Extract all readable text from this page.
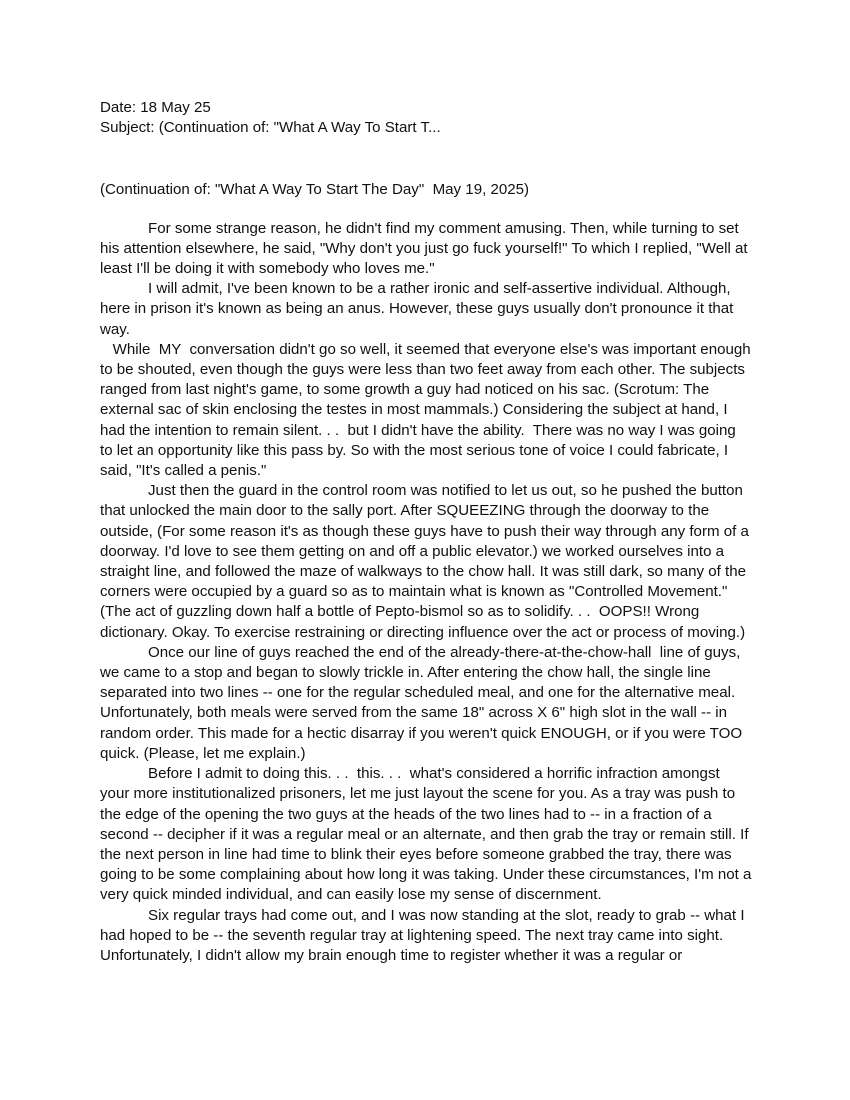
Date: 18 May 25

Subject: (Continuation of: "What A Way To Start T...

(Continuation of: "What A Way To Start The Day"  May 19, 2025)

For some strange reason, he didn't find my comment amusing. Then, while turning to set his attention elsewhere, he said, "Why don't you just go fuck yourself!" To which I replied, "Well at least I'll be doing it with somebody who loves me."

I will admit, I've been known to be a rather ironic and self-assertive individual. Although, here in prison it's known as being an anus. However, these guys usually don't pronounce it that way.

While  MY  conversation didn't go so well, it seemed that everyone else's was important enough to be shouted, even though the guys were less than two feet away from each other. The subjects ranged from last night's game, to some growth a guy had noticed on his sac. (Scrotum: The external sac of skin enclosing the testes in most mammals.) Considering the subject at hand, I had the intention to remain silent. . .  but I didn't have the ability.  There was no way I was going to let an opportunity like this pass by. So with the most serious tone of voice I could fabricate, I said, "It's called a penis."

Just then the guard in the control room was notified to let us out, so he pushed the button that unlocked the main door to the sally port. After SQUEEZING through the doorway to the outside, (For some reason it's as though these guys have to push their way through any form of a doorway. I'd love to see them getting on and off a public elevator.) we worked ourselves into a straight line, and followed the maze of walkways to the chow hall. It was still dark, so many of the corners were occupied by a guard so as to maintain what is known as "Controlled Movement." (The act of guzzling down half a bottle of Pepto-bismol so as to solidify. . .  OOPS!! Wrong dictionary. Okay. To exercise restraining or directing influence over the act or process of moving.)

Once our line of guys reached the end of the already-there-at-the-chow-hall  line of guys, we came to a stop and began to slowly trickle in. After entering the chow hall, the single line separated into two lines -- one for the regular scheduled meal, and one for the alternative meal. Unfortunately, both meals were served from the same 18" across X 6" high slot in the wall -- in random order. This made for a hectic disarray if you weren't quick ENOUGH, or if you were TOO quick. (Please, let me explain.)

Before I admit to doing this. . .  this. . .  what's considered a horrific infraction amongst your more institutionalized prisoners, let me just layout the scene for you. As a tray was push to the edge of the opening the two guys at the heads of the two lines had to -- in a fraction of a second -- decipher if it was a regular meal or an alternate, and then grab the tray or remain still. If the next person in line had time to blink their eyes before someone grabbed the tray, there was going to be some complaining about how long it was taking. Under these circumstances, I'm not a very quick minded individual, and can easily lose my sense of discernment.

Six regular trays had come out, and I was now standing at the slot, ready to grab -- what I had hoped to be -- the seventh regular tray at lightening speed. The next tray came into sight. Unfortunately, I didn't allow my brain enough time to register whether it was a regular or
